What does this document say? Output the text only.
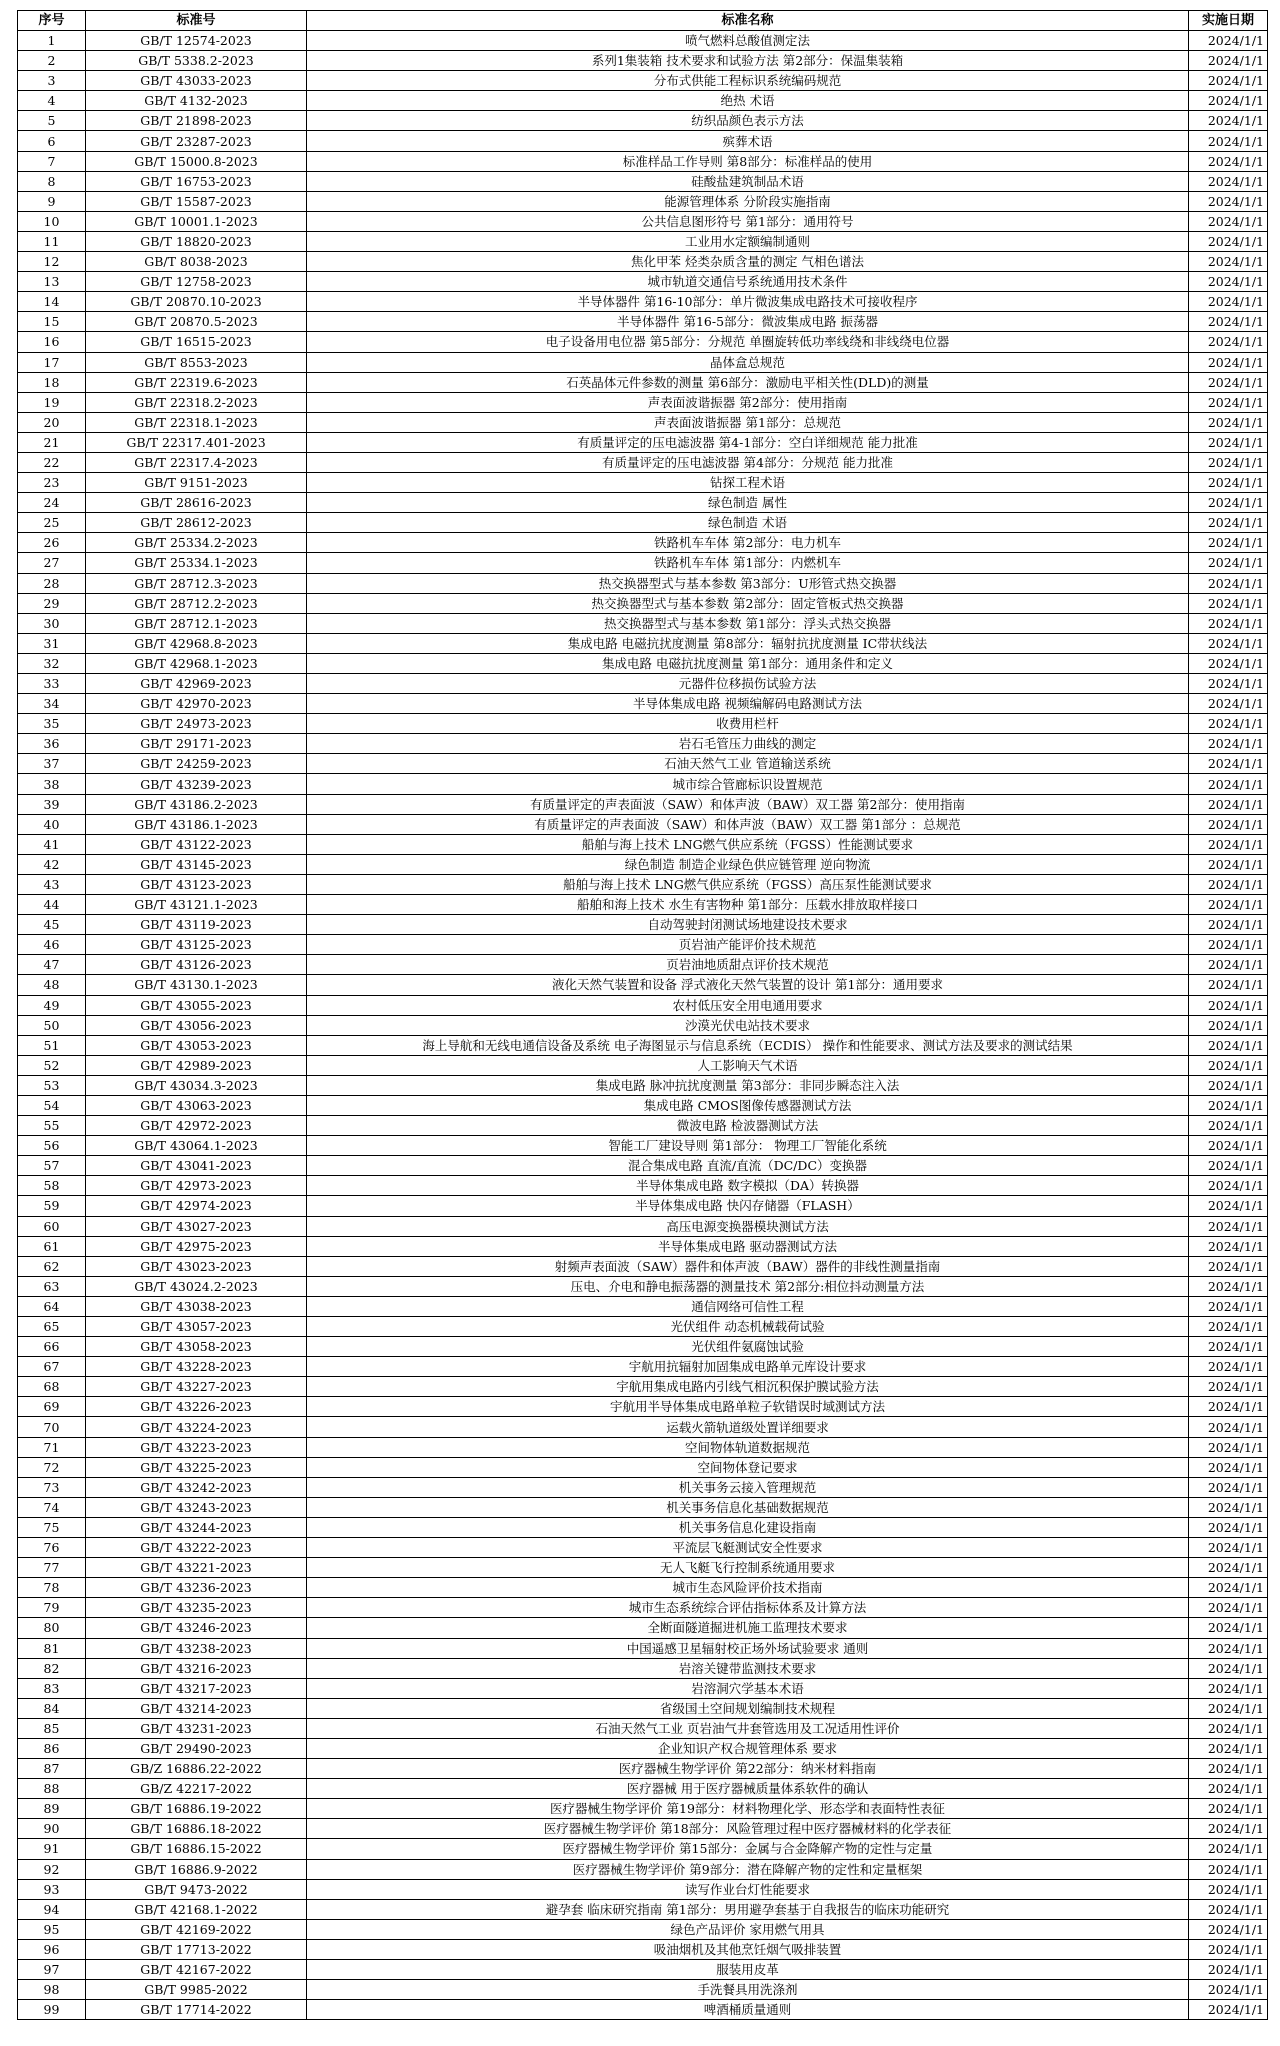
序号	标准号	标准名称	实施日期
1	GB/T 12574-2023	喷气燃料总酸值测定法	2024/1/1
2	GB/T 5338.2-2023	系列1集装箱 技术要求和试验方法 第2部分：保温集装箱	2024/1/1
3	GB/T 43033-2023	分布式供能工程标识系统编码规范	2024/1/1
4	GB/T 4132-2023	绝热 术语	2024/1/1
5	GB/T 21898-2023	纺织品颜色表示方法	2024/1/1
6	GB/T 23287-2023	殡葬术语	2024/1/1
7	GB/T 15000.8-2023	标准样品工作导则 第8部分：标准样品的使用	2024/1/1
8	GB/T 16753-2023	硅酸盐建筑制品术语	2024/1/1
9	GB/T 15587-2023	能源管理体系 分阶段实施指南	2024/1/1
10	GB/T 10001.1-2023	公共信息图形符号 第1部分：通用符号	2024/1/1
11	GB/T 18820-2023	工业用水定额编制通则	2024/1/1
12	GB/T 8038-2023	焦化甲苯 烃类杂质含量的测定 气相色谱法	2024/1/1
13	GB/T 12758-2023	城市轨道交通信号系统通用技术条件	2024/1/1
14	GB/T 20870.10-2023	半导体器件 第16-10部分：单片微波集成电路技术可接收程序	2024/1/1
15	GB/T 20870.5-2023	半导体器件 第16-5部分：微波集成电路 振荡器	2024/1/1
16	GB/T 16515-2023	电子设备用电位器 第5部分：分规范 单圈旋转低功率线绕和非线绕电位器	2024/1/1
17	GB/T 8553-2023	晶体盒总规范	2024/1/1
18	GB/T 22319.6-2023	石英晶体元件参数的测量 第6部分：激励电平相关性(DLD)的测量	2024/1/1
19	GB/T 22318.2-2023	声表面波谐振器 第2部分：使用指南	2024/1/1
20	GB/T 22318.1-2023	声表面波谐振器 第1部分：总规范	2024/1/1
21	GB/T 22317.401-2023	有质量评定的压电滤波器 第4-1部分：空白详细规范 能力批准	2024/1/1
22	GB/T 22317.4-2023	有质量评定的压电滤波器 第4部分：分规范 能力批准	2024/1/1
23	GB/T 9151-2023	钻探工程术语	2024/1/1
24	GB/T 28616-2023	绿色制造 属性	2024/1/1
25	GB/T 28612-2023	绿色制造 术语	2024/1/1
26	GB/T 25334.2-2023	铁路机车车体 第2部分：电力机车	2024/1/1
27	GB/T 25334.1-2023	铁路机车车体 第1部分：内燃机车	2024/1/1
28	GB/T 28712.3-2023	热交换器型式与基本参数 第3部分：U形管式热交换器	2024/1/1
29	GB/T 28712.2-2023	热交换器型式与基本参数 第2部分：固定管板式热交换器	2024/1/1
30	GB/T 28712.1-2023	热交换器型式与基本参数 第1部分：浮头式热交换器	2024/1/1
31	GB/T 42968.8-2023	集成电路 电磁抗扰度测量 第8部分：辐射抗扰度测量 IC带状线法	2024/1/1
32	GB/T 42968.1-2023	集成电路 电磁抗扰度测量 第1部分：通用条件和定义	2024/1/1
33	GB/T 42969-2023	元器件位移损伤试验方法	2024/1/1
34	GB/T 42970-2023	半导体集成电路 视频编解码电路测试方法	2024/1/1
35	GB/T 24973-2023	收费用栏杆	2024/1/1
36	GB/T 29171-2023	岩石毛管压力曲线的测定	2024/1/1
37	GB/T 24259-2023	石油天然气工业 管道输送系统	2024/1/1
38	GB/T 43239-2023	城市综合管廊标识设置规范	2024/1/1
39	GB/T 43186.2-2023	有质量评定的声表面波（SAW）和体声波（BAW）双工器 第2部分：使用指南	2024/1/1
40	GB/T 43186.1-2023	有质量评定的声表面波（SAW）和体声波（BAW）双工器 第1部分 ：总规范	2024/1/1
41	GB/T 43122-2023	船舶与海上技术 LNG燃气供应系统（FGSS）性能测试要求	2024/1/1
42	GB/T 43145-2023	绿色制造 制造企业绿色供应链管理 逆向物流	2024/1/1
43	GB/T 43123-2023	船舶与海上技术 LNG燃气供应系统（FGSS）高压泵性能测试要求	2024/1/1
44	GB/T 43121.1-2023	船舶和海上技术 水生有害物种 第1部分：压载水排放取样接口	2024/1/1
45	GB/T 43119-2023	自动驾驶封闭测试场地建设技术要求	2024/1/1
46	GB/T 43125-2023	页岩油产能评价技术规范	2024/1/1
47	GB/T 43126-2023	页岩油地质甜点评价技术规范	2024/1/1
48	GB/T 43130.1-2023	液化天然气装置和设备 浮式液化天然气装置的设计 第1部分：通用要求	2024/1/1
49	GB/T 43055-2023	农村低压安全用电通用要求	2024/1/1
50	GB/T 43056-2023	沙漠光伏电站技术要求	2024/1/1
51	GB/T 43053-2023	海上导航和无线电通信设备及系统 电子海图显示与信息系统（ECDIS） 操作和性能要求、测试方法及要求的测试结果	2024/1/1
52	GB/T 42989-2023	人工影响天气术语	2024/1/1
53	GB/T 43034.3-2023	集成电路 脉冲抗扰度测量 第3部分：非同步瞬态注入法	2024/1/1
54	GB/T 43063-2023	集成电路 CMOS图像传感器测试方法	2024/1/1
55	GB/T 42972-2023	微波电路 检波器测试方法	2024/1/1
56	GB/T 43064.1-2023	智能工厂建设导则 第1部分： 物理工厂智能化系统	2024/1/1
57	GB/T 43041-2023	混合集成电路 直流/直流（DC/DC）变换器	2024/1/1
58	GB/T 42973-2023	半导体集成电路 数字模拟（DA）转换器	2024/1/1
59	GB/T 42974-2023	半导体集成电路 快闪存储器（FLASH）	2024/1/1
60	GB/T 43027-2023	高压电源变换器模块测试方法	2024/1/1
61	GB/T 42975-2023	半导体集成电路 驱动器测试方法	2024/1/1
62	GB/T 43023-2023	射频声表面波（SAW）器件和体声波（BAW）器件的非线性测量指南	2024/1/1
63	GB/T 43024.2-2023	压电、介电和静电振荡器的测量技术 第2部分:相位抖动测量方法	2024/1/1
64	GB/T 43038-2023	通信网络可信性工程	2024/1/1
65	GB/T 43057-2023	光伏组件 动态机械载荷试验	2024/1/1
66	GB/T 43058-2023	光伏组件氨腐蚀试验	2024/1/1
67	GB/T 43228-2023	宇航用抗辐射加固集成电路单元库设计要求	2024/1/1
68	GB/T 43227-2023	宇航用集成电路内引线气相沉积保护膜试验方法	2024/1/1
69	GB/T 43226-2023	宇航用半导体集成电路单粒子软错误时域测试方法	2024/1/1
70	GB/T 43224-2023	运载火箭轨道级处置详细要求	2024/1/1
71	GB/T 43223-2023	空间物体轨道数据规范	2024/1/1
72	GB/T 43225-2023	空间物体登记要求	2024/1/1
73	GB/T 43242-2023	机关事务云接入管理规范	2024/1/1
74	GB/T 43243-2023	机关事务信息化基础数据规范	2024/1/1
75	GB/T 43244-2023	机关事务信息化建设指南	2024/1/1
76	GB/T 43222-2023	平流层飞艇测试安全性要求	2024/1/1
77	GB/T 43221-2023	无人飞艇飞行控制系统通用要求	2024/1/1
78	GB/T 43236-2023	城市生态风险评价技术指南	2024/1/1
79	GB/T 43235-2023	城市生态系统综合评估指标体系及计算方法	2024/1/1
80	GB/T 43246-2023	全断面隧道掘进机施工监理技术要求	2024/1/1
81	GB/T 43238-2023	中国遥感卫星辐射校正场外场试验要求 通则	2024/1/1
82	GB/T 43216-2023	岩溶关键带监测技术要求	2024/1/1
83	GB/T 43217-2023	岩溶洞穴学基本术语	2024/1/1
84	GB/T 43214-2023	省级国土空间规划编制技术规程	2024/1/1
85	GB/T 43231-2023	石油天然气工业 页岩油气井套管选用及工况适用性评价	2024/1/1
86	GB/T 29490-2023	企业知识产权合规管理体系 要求	2024/1/1
87	GB/Z 16886.22-2022	医疗器械生物学评价 第22部分：纳米材料指南	2024/1/1
88	GB/Z 42217-2022	医疗器械 用于医疗器械质量体系软件的确认	2024/1/1
89	GB/T 16886.19-2022	医疗器械生物学评价 第19部分：材料物理化学、形态学和表面特性表征	2024/1/1
90	GB/T 16886.18-2022	医疗器械生物学评价 第18部分：风险管理过程中医疗器械材料的化学表征	2024/1/1
91	GB/T 16886.15-2022	医疗器械生物学评价 第15部分：金属与合金降解产物的定性与定量	2024/1/1
92	GB/T 16886.9-2022	医疗器械生物学评价 第9部分：潜在降解产物的定性和定量框架	2024/1/1
93	GB/T 9473-2022	读写作业台灯性能要求	2024/1/1
94	GB/T 42168.1-2022	避孕套 临床研究指南 第1部分：男用避孕套基于自我报告的临床功能研究	2024/1/1
95	GB/T 42169-2022	绿色产品评价 家用燃气用具	2024/1/1
96	GB/T 17713-2022	吸油烟机及其他烹饪烟气吸排装置	2024/1/1
97	GB/T 42167-2022	服装用皮革	2024/1/1
98	GB/T 9985-2022	手洗餐具用洗涤剂	2024/1/1
99	GB/T 17714-2022	啤酒桶质量通则	2024/1/1
